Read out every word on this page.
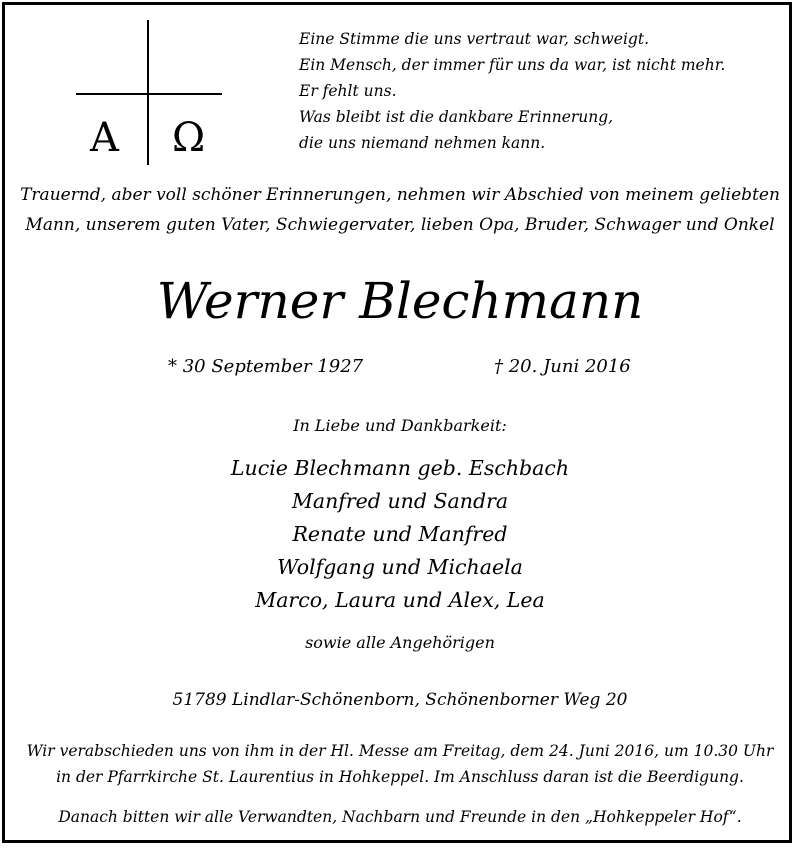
A Ω
Eine Stimme die uns vertraut war, schweigt.
Ein Mensch, der immer für uns da war, ist nicht mehr.
Er fehlt uns.
Was bleibt ist die dankbare Erinnerung,
die uns niemand nehmen kann.
Trauernd, aber voll schöner Erinnerungen, nehmen wir Abschied von meinem geliebten
Mann, unserem guten Vater, Schwiegervater, lieben Opa, Bruder, Schwager und Onkel
Werner Blechmann
* 30 September 1927	† 20. Juni 2016
In Liebe und Dankbarkeit:
Lucie Blechmann geb. Eschbach
Manfred und Sandra
Renate und Manfred
Wolfgang und Michaela
Marco, Laura und Alex, Lea
sowie alle Angehörigen
51789 Lindlar-Schönenborn, Schönenborner Weg 20
Wir verabschieden uns von ihm in der Hl. Messe am Freitag, dem 24. Juni 2016, um 10.30 Uhr
in der Pfarrkirche St. Laurentius in Hohkeppel. Im Anschluss daran ist die Beerdigung.
Danach bitten wir alle Verwandten, Nachbarn und Freunde in den „Hohkeppeler Hof“.
